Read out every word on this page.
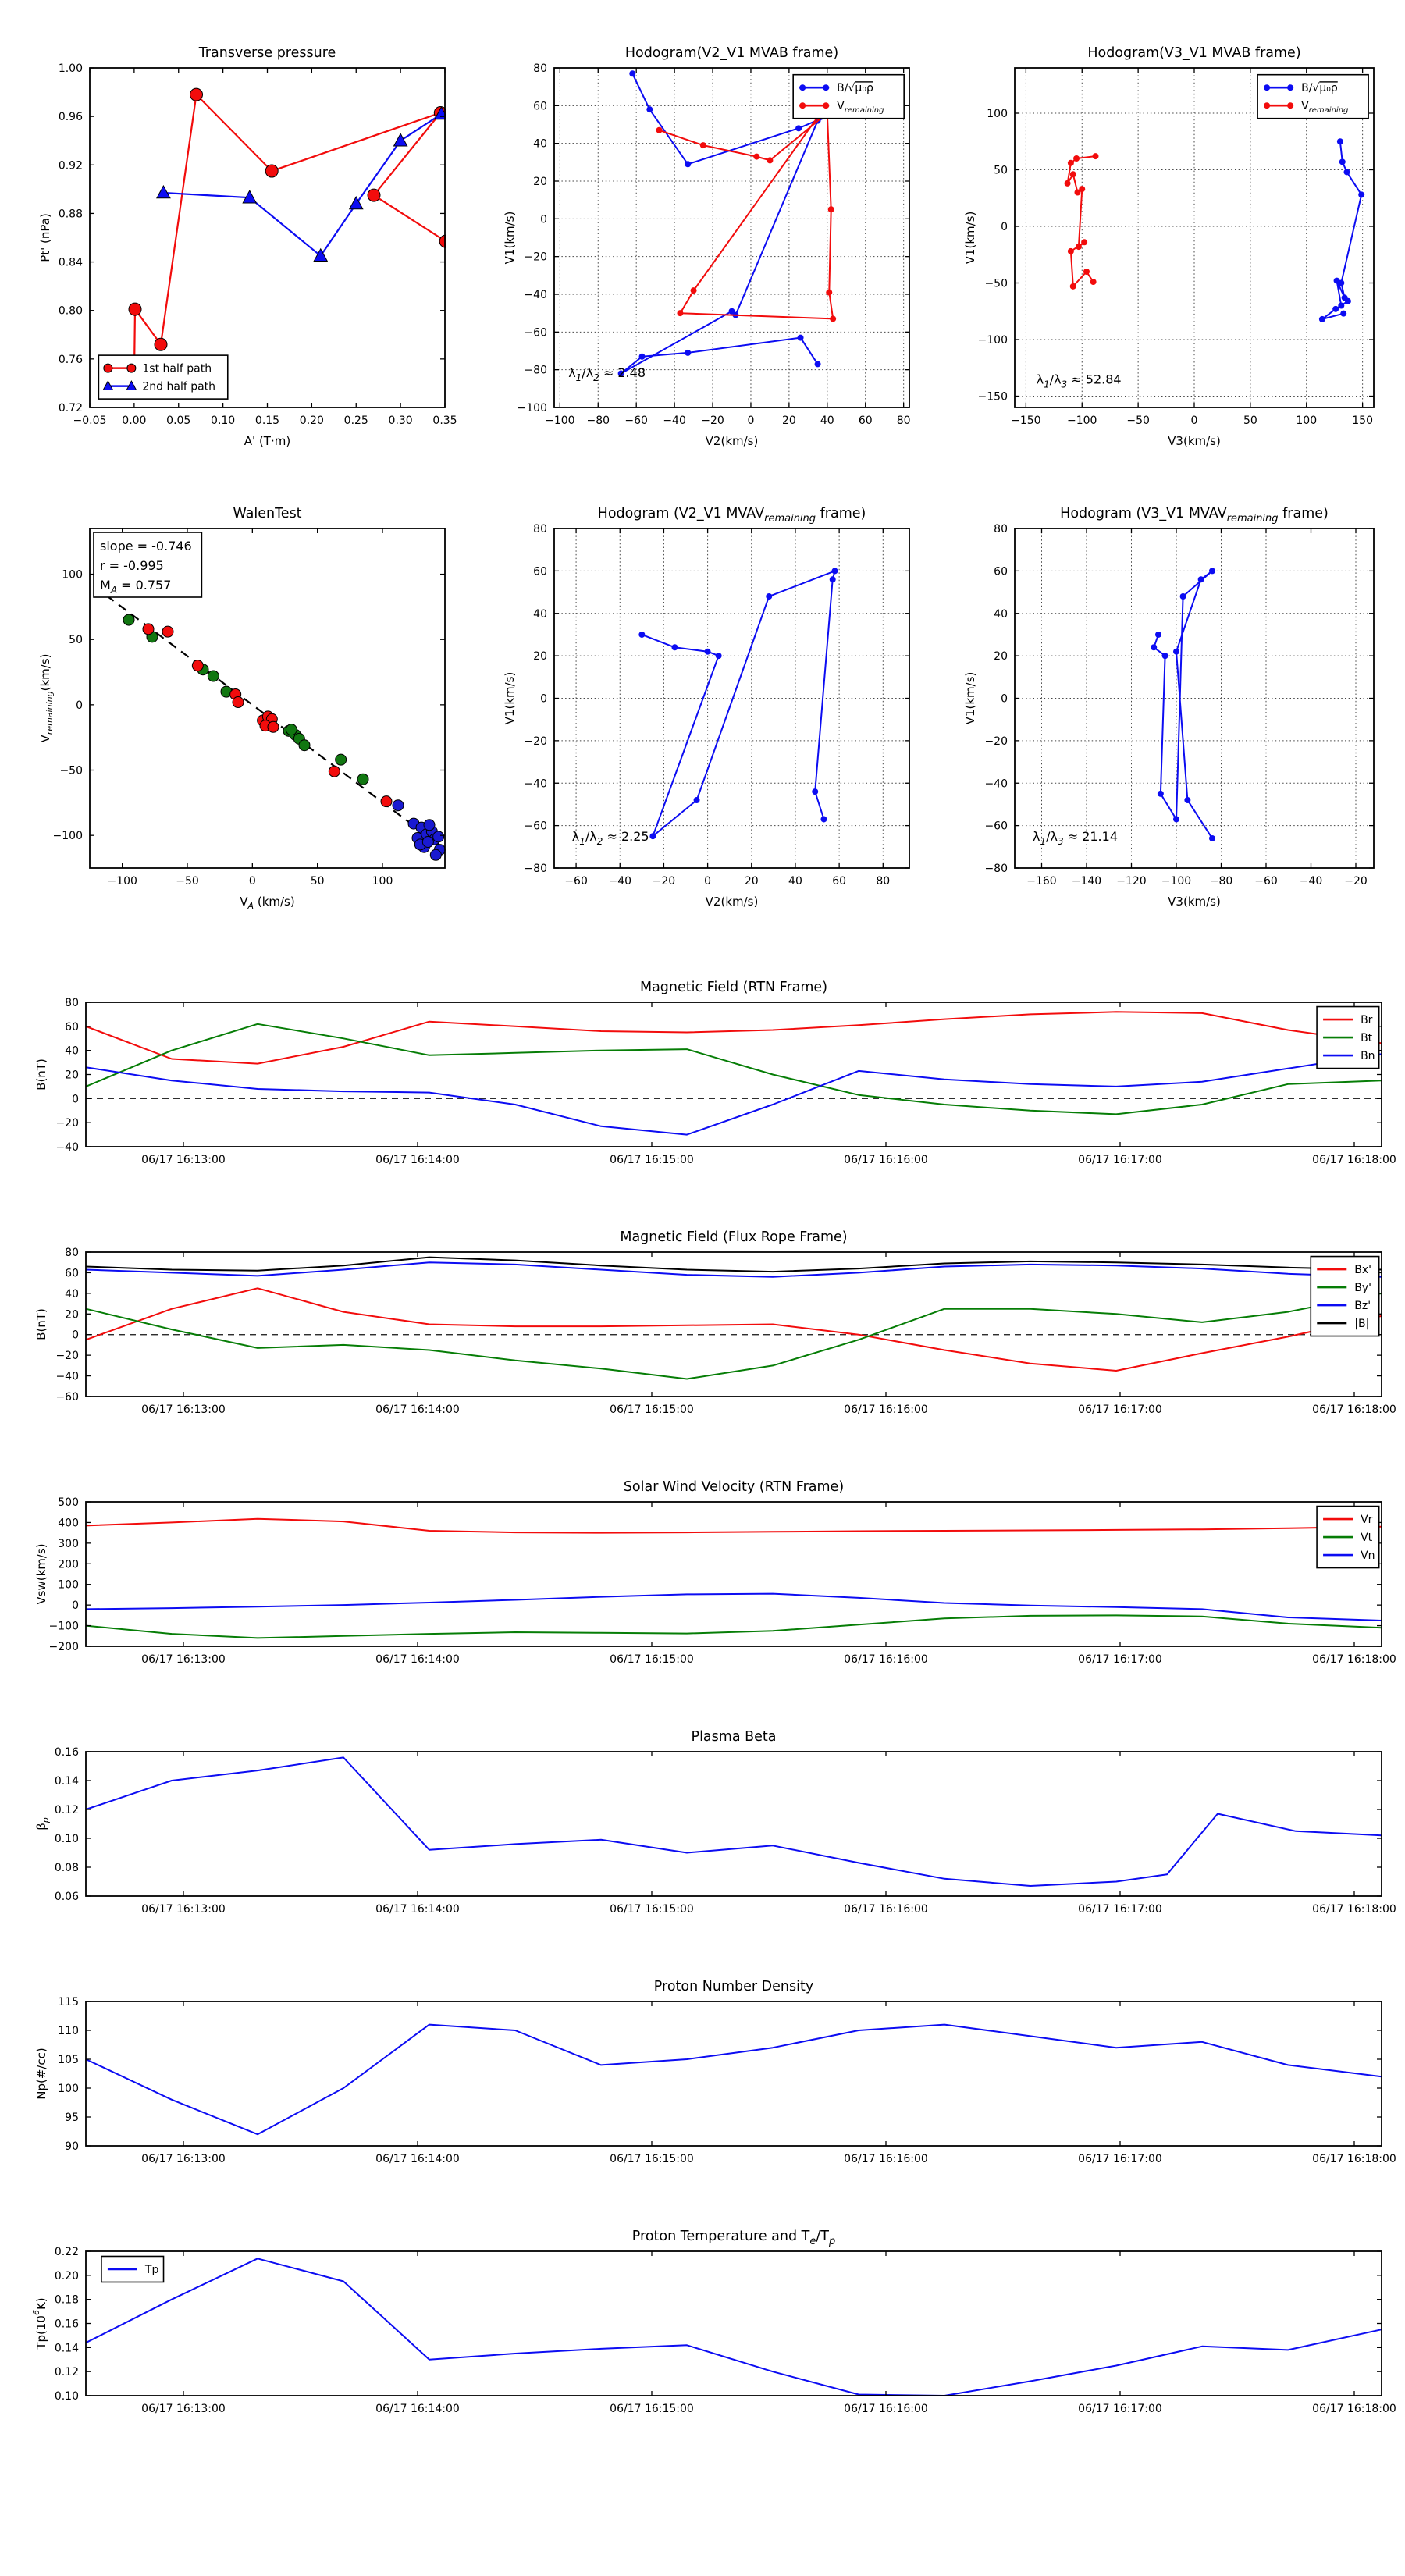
−0.05 0.00 0.05 0.10 0.15 0.20 0.25 0.30 0.35
0.72
0.76
0.80
0.84
0.88
0.92
0.96
1.00
Transverse pressure
A' (T·m)
Pt' (nPa)
1st half path
2nd half path
−100 −80 −60 −40 −20 0	20 40 60 80
−100
−80
−60
−40
−20
0
20
40
60
80
Hodogram(V2_V1 MVAB frame)
V2(km/s)
V1(km/s)
$\lambda_1/\lambda_2 \approx 2.48$
B/√μ₀ρ
$V_{remaining}$
−150 −100	−50	0	50	100	150
−150
−100
−50
0
50
100
Hodogram(V3_V1 MVAB frame)
V3(km/s)
V1(km/s)
$\lambda_1/\lambda_3 \approx 52.84$
B/√μ₀ρ
$V_{remaining}$
−100	−50	0	50	100
−100
−50
0
50
100
WalenTest
$V_A$ (km/s)
$V_{remaining}(km/s)$
slope = -0.746
r = -0.995
$M_A = 0.757$
−60 −40 −20	0	20	40	60	80
−80
−60
−40
−20
0
20
40
60
80
Hodogram (V2_V1 $MVAV_{remaining}$ frame)
V2(km/s)
V1(km/s)
$\lambda_1/\lambda_2 \approx 2.25$
−160 −140 −120 −100 −80 −60 −40 −20
−80
−60
−40
−20
0
20
40
60
80
Hodogram (V3_V1 $MVAV_{remaining}$ frame)
V3(km/s)
V1(km/s)
$\lambda_1/\lambda_3 \approx 21.14$
06/17 16:13:00	06/17 16:14:00	06/17 16:15:00	06/17 16:16:00	06/17 16:17:00	06/17 16:18:00
−40
−20
0
20
40
60
80
Magnetic Field (RTN Frame)
B(nT)
Br
Bt
Bn
06/17 16:13:00	06/17 16:14:00	06/17 16:15:00	06/17 16:16:00	06/17 16:17:00	06/17 16:18:00
−60
−40
−20
0
20
40
60
80
Magnetic Field (Flux Rope Frame)
B(nT)
Bx'
By'
Bz'
|B|
06/17 16:13:00	06/17 16:14:00	06/17 16:15:00	06/17 16:16:00	06/17 16:17:00	06/17 16:18:00
−200
−100
0
100
200
300
400
500
Solar Wind Velocity (RTN Frame)
Vsw(km/s)
Vr
Vt
Vn
06/17 16:13:00	06/17 16:14:00	06/17 16:15:00	06/17 16:16:00	06/17 16:17:00	06/17 16:18:00
0.06
0.08
0.10
0.12
0.14
0.16
Plasma Beta
$\beta_p$
06/17 16:13:00	06/17 16:14:00	06/17 16:15:00	06/17 16:16:00	06/17 16:17:00	06/17 16:18:00
90
95
100
105
110
115
Proton Number Density
Np(#/cc)
06/17 16:13:00	06/17 16:14:00	06/17 16:15:00	06/17 16:16:00	06/17 16:17:00	06/17 16:18:00
0.10
0.12
0.14
0.16
0.18
0.20
0.22
Proton Temperature and $T_e/T_p$
$Tp(10^6K)$
Tp
